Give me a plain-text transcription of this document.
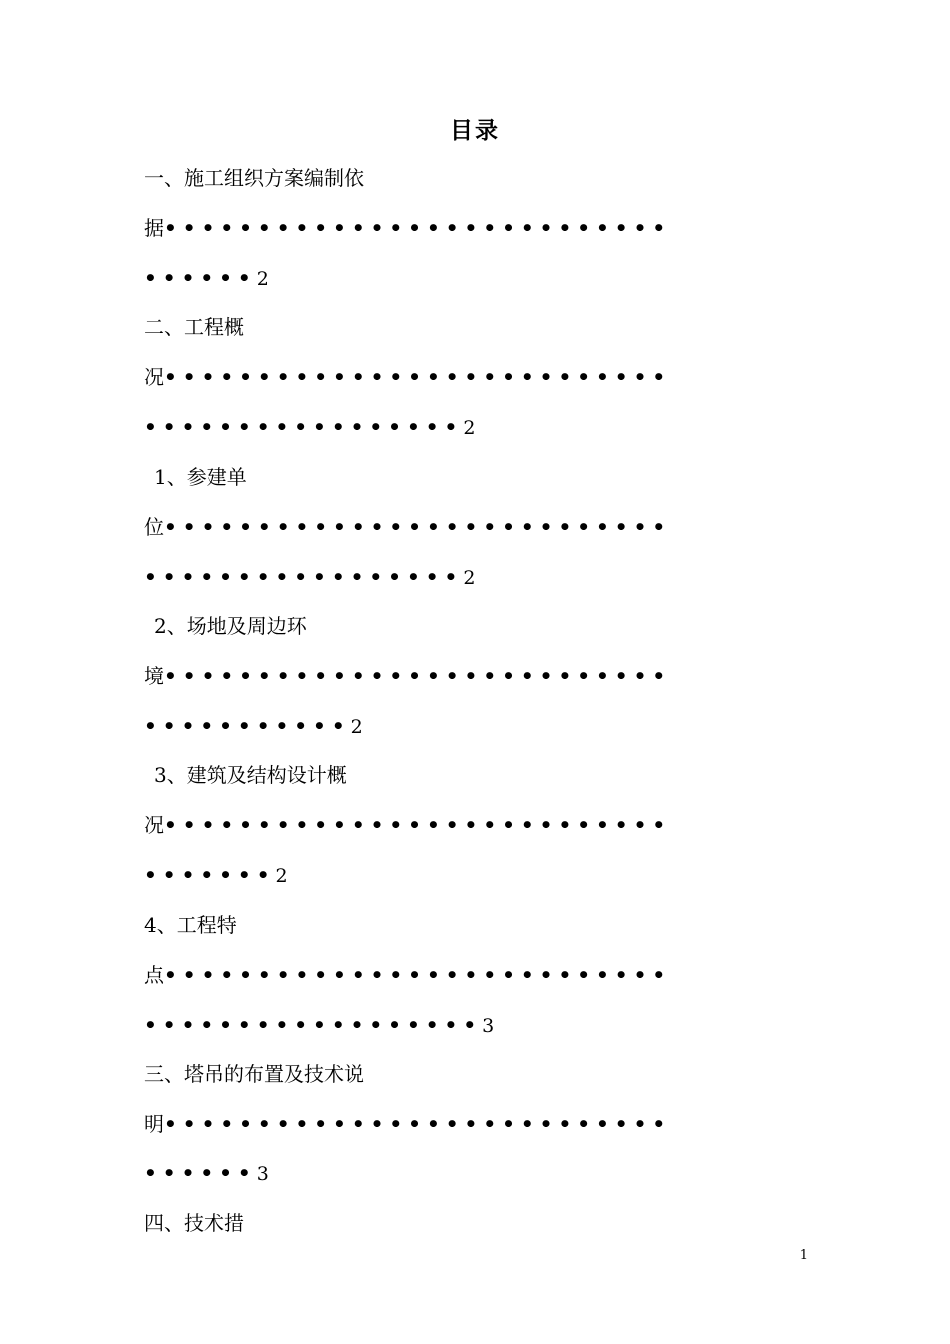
目录
一、施工组织方案编制依
据•••••••••••••••••••••••••••
••••••2
二、工程概
况•••••••••••••••••••••••••••
•••••••••••••••••2
1、参建单
位•••••••••••••••••••••••••••
•••••••••••••••••2
2、场地及周边环
境•••••••••••••••••••••••••••
•••••••••••2
3、建筑及结构设计概
况•••••••••••••••••••••••••••
•••••••2
4、工程特
点•••••••••••••••••••••••••••
••••••••••••••••••3
三、塔吊的布置及技术说
明•••••••••••••••••••••••••••
••••••3
四、技术措
1
